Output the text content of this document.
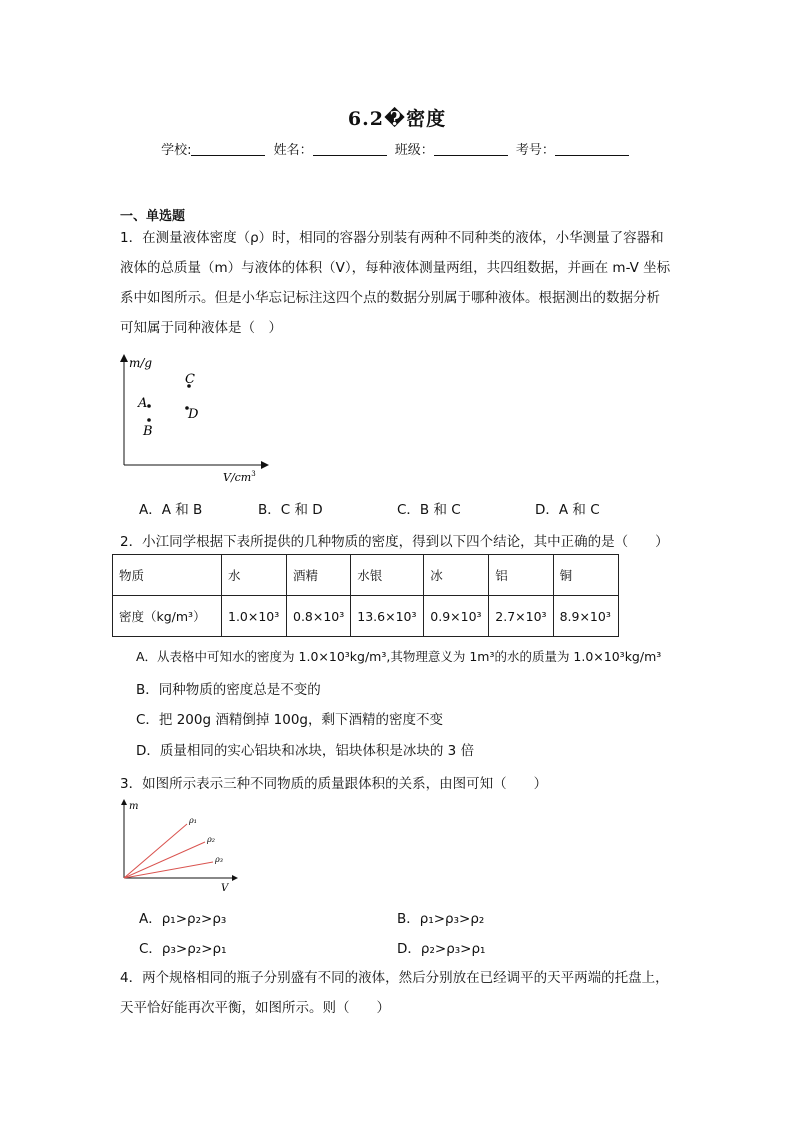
6.2�密度
学校:	姓名：	班级：	考号：
一、单选题
1．在测量液体密度（ρ）时，相同的容器分别装有两种不同种类的液体，小华测量了容器和
液体的总质量（m）与液体的体积（V），每种液体测量两组，共四组数据，并画在 m-V 坐标
系中如图所示。但是小华忘记标注这四个点的数据分别属于哪种液体。根据测出的数据分析
可知属于同种液体是（　）
m/g
$V/cm^3$
A
B
C
D
A．A 和 B	B．C 和 D	C．B 和 C	D．A 和 C
2．小江同学根据下表所提供的几种物质的密度，得到以下四个结论，其中正确的是（　　）
物质	水	酒精	水银	冰	铝	铜
密度（kg/m³）	1.0×10³	0.8×10³	13.6×10³	0.9×10³	2.7×10³	8.9×10³
A．从表格中可知水的密度为 1.0×10³kg/m³,其物理意义为 1m³的水的质量为 1.0×10³kg/m³
B．同种物质的密度总是不变的
C．把 200g 酒精倒掉 100g，剩下酒精的密度不变
D．质量相同的实心铝块和冰块，铝块体积是冰块的 3 倍
3．如图所示表示三种不同物质的质量跟体积的关系，由图可知（　　）
m
V
ρ₁
ρ₂
ρ₃
A．ρ₁>ρ₂>ρ₃	B．ρ₁>ρ₃>ρ₂
C．ρ₃>ρ₂>ρ₁	D．ρ₂>ρ₃>ρ₁
4．两个规格相同的瓶子分别盛有不同的液体，然后分别放在已经调平的天平两端的托盘上，
天平恰好能再次平衡，如图所示。则（　　）
